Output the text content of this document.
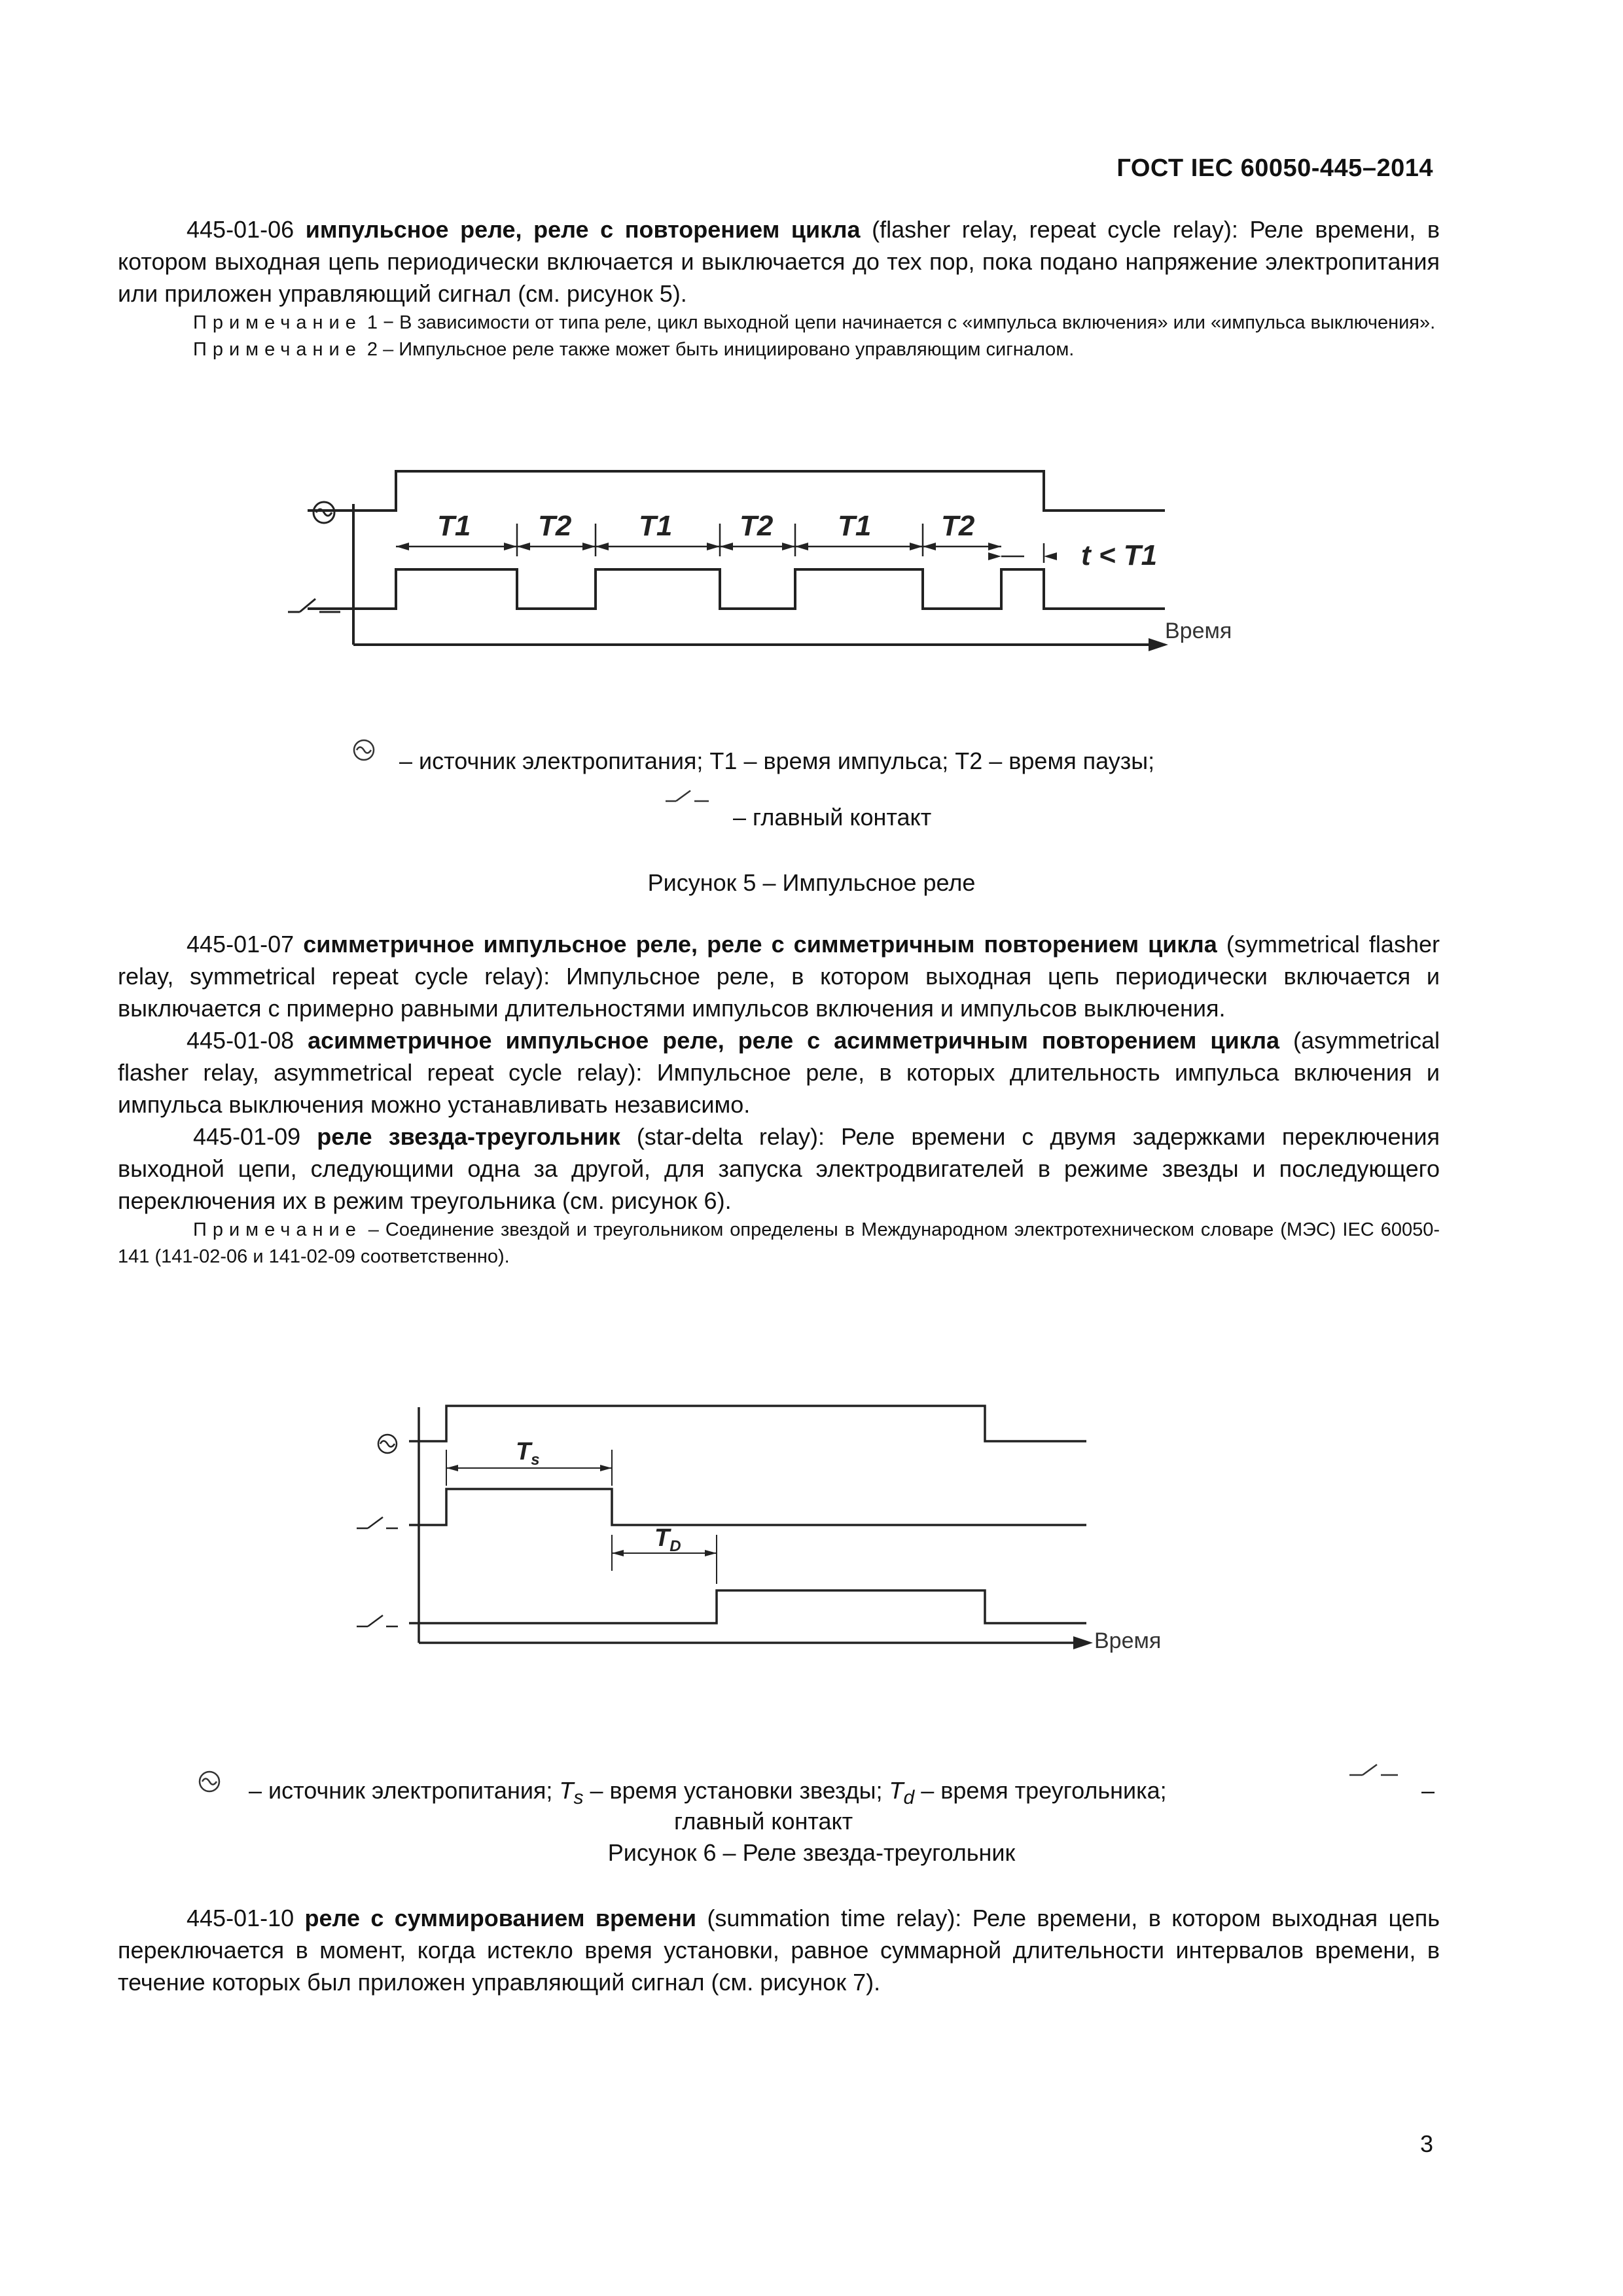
ГОСТ IEC 60050-445–2014

445-01-06 импульсное реле, реле с повторением цикла (flasher relay, repeat cycle relay): Реле времени, в котором выходная цепь периодически включается и выключается до тех пор, пока подано напряжение электропитания или приложен управляющий сигнал (см. рисунок 5).

Примечание 1 − В зависимости от типа реле, цикл выходной цепи начинается с «импульса включения» или «импульса выключения».

Примечание 2 – Импульсное реле также может быть инициировано управляющим сигналом.

T1 T2 T1 T2 T1 T2
t < T1
Время
– источник электропитания; T1 – время импульса; T2 – время паузы;
– главный контакт
Рисунок 5 – Импульсное реле

445-01-07 симметричное импульсное реле, реле с симметричным повторением цикла (symmetrical flasher relay, symmetrical repeat cycle relay): Импульсное реле, в котором выходная цепь периодически включается и выключается с примерно равными длительностями импульсов включения и импульсов выключения.

445-01-08 асимметричное импульсное реле, реле с асимметричным повторением цикла (asymmetrical flasher relay, asymmetrical repeat cycle relay): Импульсное реле, в которых длительность импульса включения и импульса выключения можно устанавливать независимо.

445-01-09 реле звезда-треугольник (star-delta relay): Реле времени с двумя задержками переключения выходной цепи, следующими одна за другой, для запуска электродвигателей в режиме звезды и последующего переключения их в режим треугольника (см. рисунок 6).

Примечание – Соединение звездой и треугольником определены в Международном электротехническом словаре (МЭС) IEC 60050-141 (141-02-06 и 141-02-09 соответственно).

$T_s$
$T_D$
Время
– источник электропитания; $T_s$ – время установки звезды; $T_d$ – время треугольника;	–
главный контакт
Рисунок 6 – Реле звезда-треугольник

445-01-10 реле с суммированием времени (summation time relay): Реле времени, в котором выходная цепь переключается в момент, когда истекло время установки, равное суммарной длительности интервалов времени, в течение которых был приложен управляющий сигнал (см. рисунок 7).

3
